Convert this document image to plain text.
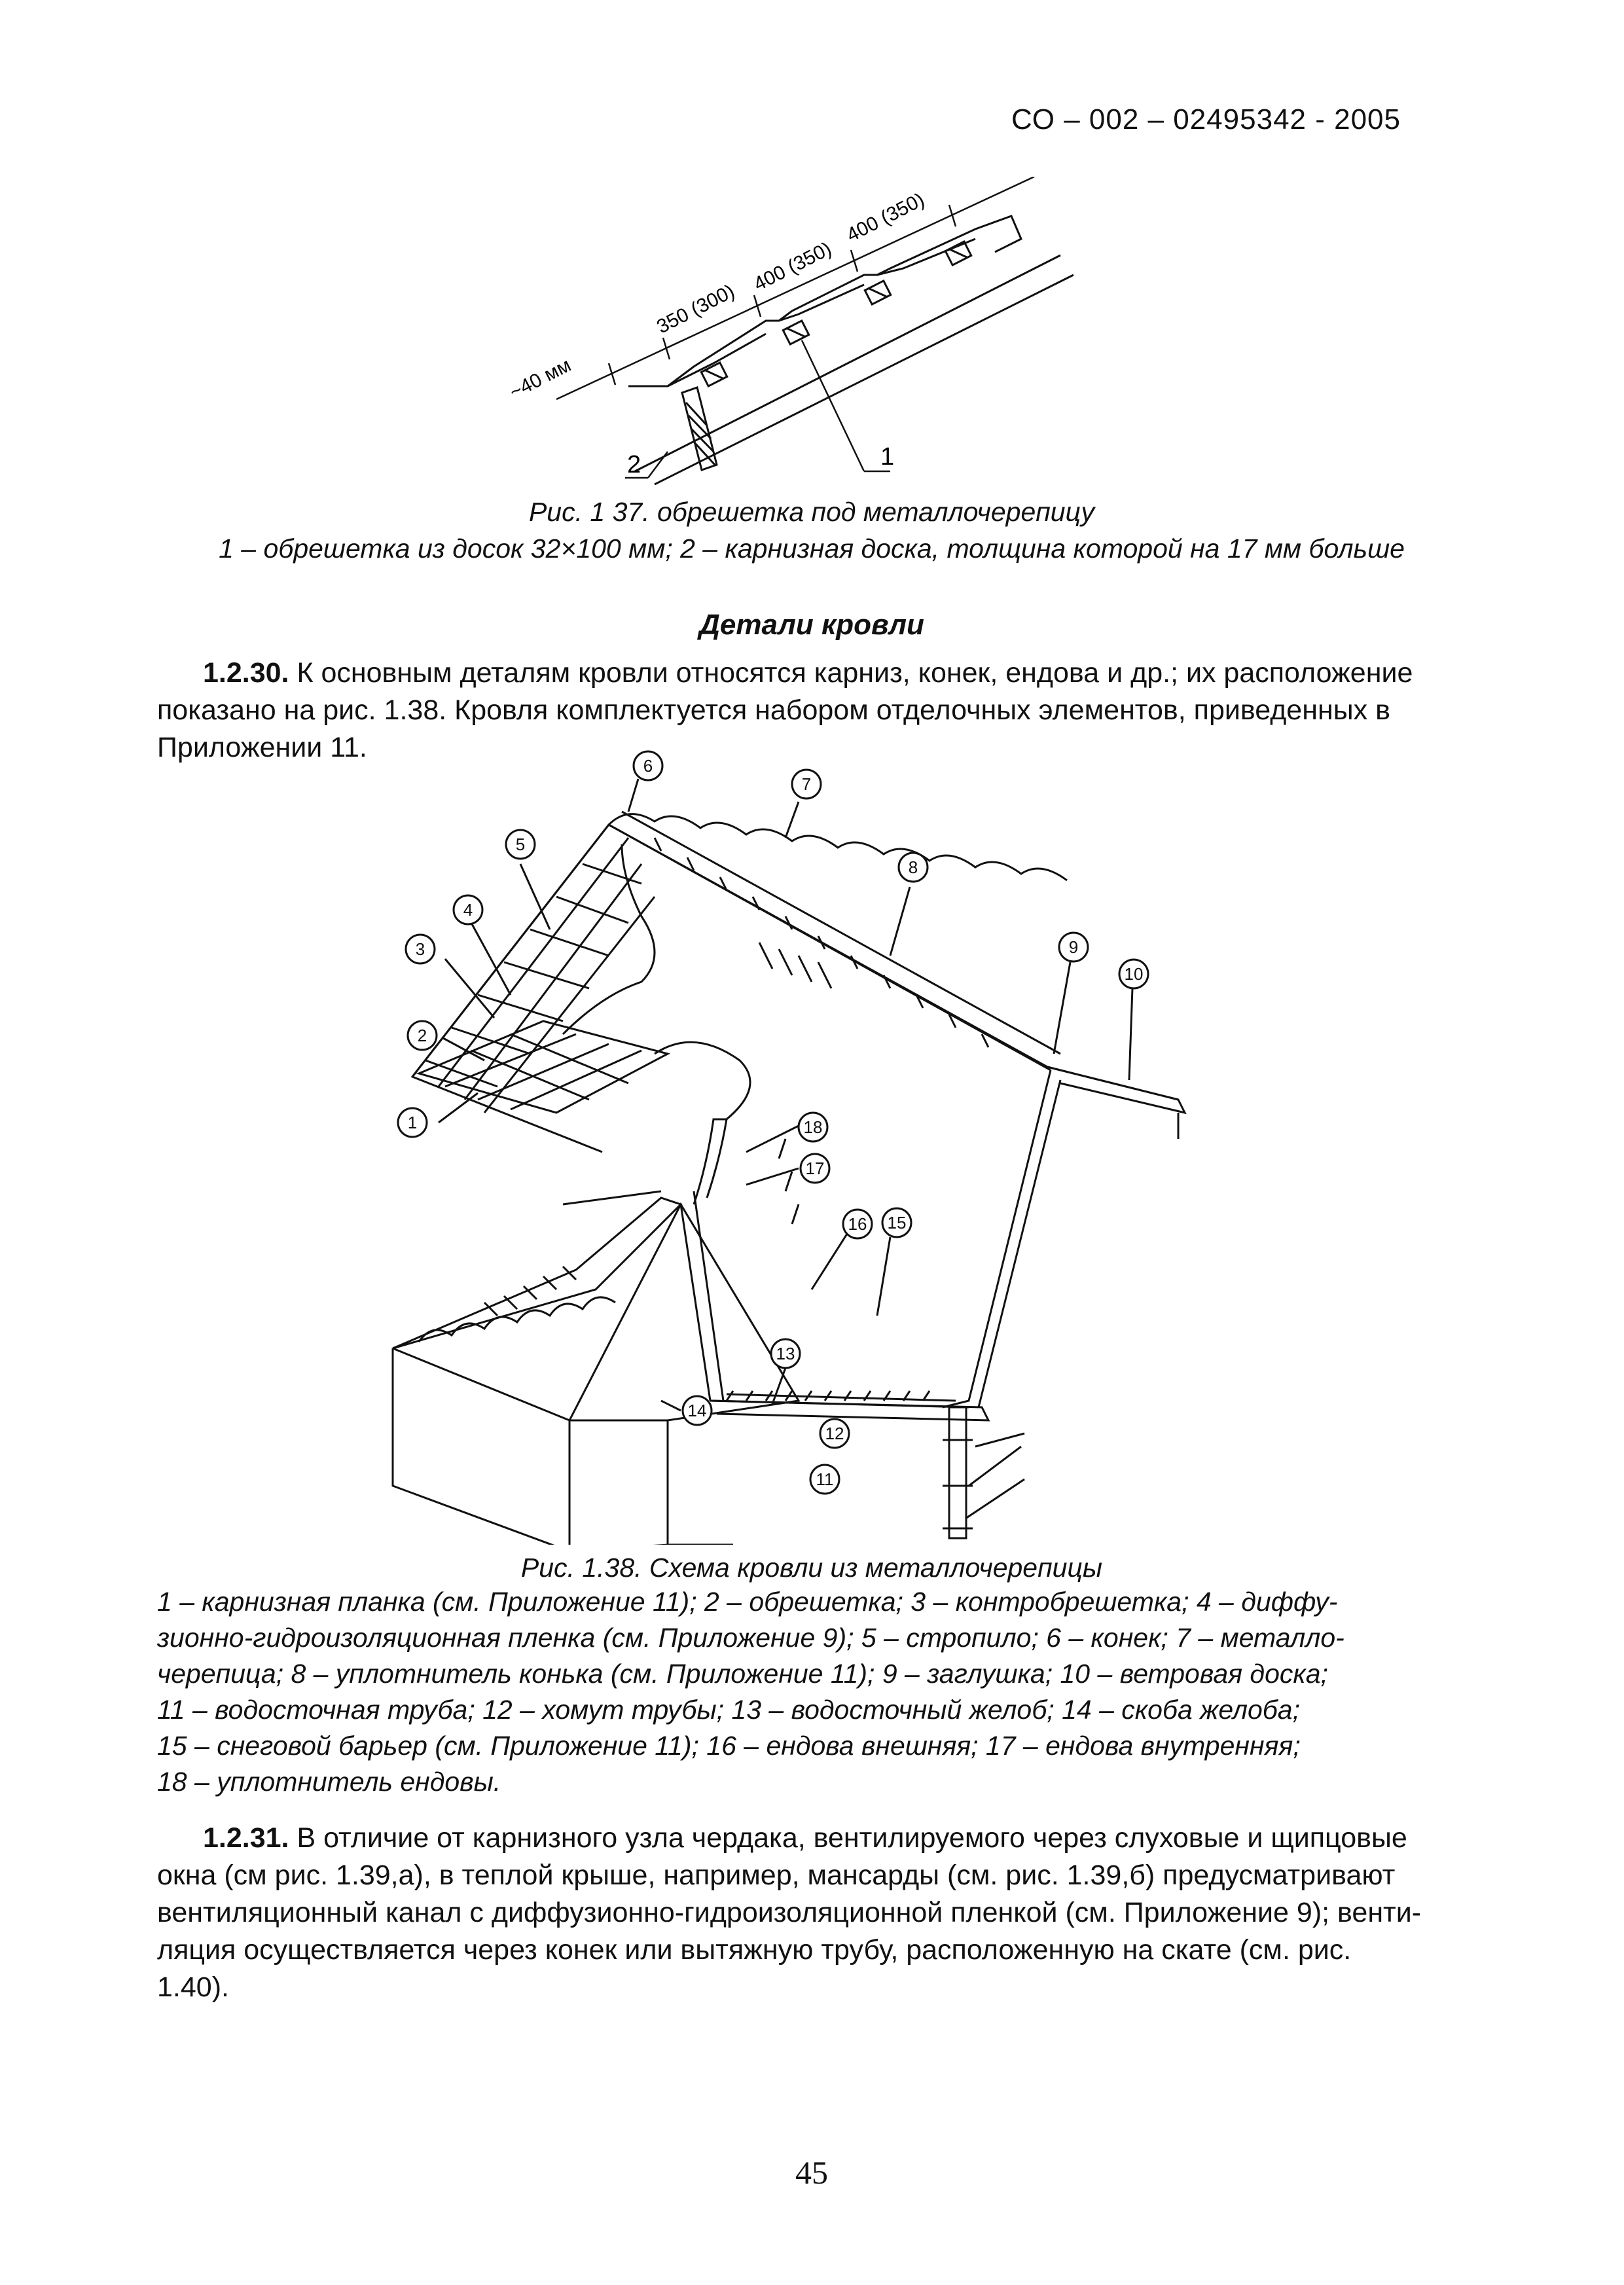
СО – 002 – 02495342 - 2005
~40 мм
350 (300)
400 (350)
400 (350)
1
2
Рис. 1 37. обрешетка под металлочерепицу
1 – обрешетка из досок 32×100 мм; 2 – карнизная доска, толщина которой на 17 мм больше
Детали кровли
1.2.30. К основным деталям кровли относятся карниз, конек, ендова и др.; их расположение
показано на рис. 1.38. Кровля комплектуется набором отделочных элементов, приведенных в
Приложении 11.
1
2
3
4
5
6
7
8
9
10
11
12
13
14
15
16
17
18
Рис. 1.38. Схема кровли из металлочерепицы
1 – карнизная планка (см. Приложение 11); 2 – обрешетка; 3 – контробрешетка; 4 – диффу-
зионно-гидроизоляционная пленка (см. Приложение 9); 5 – стропило; 6 – конек; 7 – металло-
черепица; 8 – уплотнитель конька (см. Приложение 11); 9 – заглушка; 10 – ветровая доска;
11 – водосточная труба; 12 – хомут трубы; 13 – водосточный желоб; 14 – скоба желоба;
15 – снеговой барьер (см. Приложение 11); 16 – ендова внешняя; 17 – ендова внутренняя;
18 – уплотнитель ендовы.
1.2.31. В отличие от карнизного узла чердака, вентилируемого через слуховые и щипцовые
окна (см рис. 1.39,а), в теплой крыше, например, мансарды (см. рис. 1.39,б) предусматривают
вентиляционный канал с диффузионно-гидроизоляционной пленкой (см. Приложение 9); венти-
ляция осуществляется через конек или вытяжную трубу, расположенную на скате (см. рис.
1.40).
45
